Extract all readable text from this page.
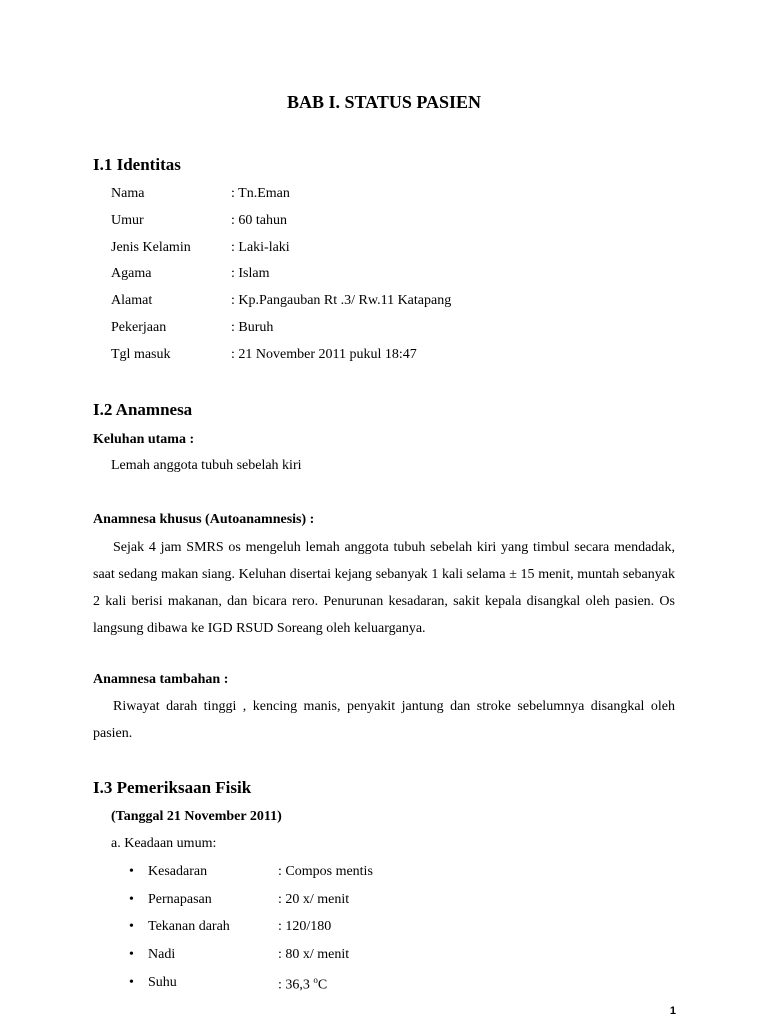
BAB I. STATUS PASIEN
I.1 Identitas
Nama	: Tn.Eman
Umur	: 60 tahun
Jenis Kelamin	: Laki-laki
Agama	: Islam
Alamat	: Kp.Pangauban Rt .3/ Rw.11 Katapang
Pekerjaan	: Buruh
Tgl masuk	: 21 November 2011 pukul 18:47
I.2 Anamnesa
Keluhan utama :
Lemah anggota tubuh sebelah kiri
Anamnesa khusus (Autoanamnesis) :
Sejak 4 jam SMRS os mengeluh lemah anggota tubuh sebelah kiri yang timbul secara mendadak, saat sedang makan siang. Keluhan disertai kejang sebanyak 1 kali selama ± 15 menit, muntah sebanyak 2 kali berisi makanan, dan bicara rero. Penurunan kesadaran, sakit kepala disangkal oleh pasien. Os langsung dibawa ke IGD RSUD Soreang oleh keluarganya.
Anamnesa tambahan :
Riwayat darah tinggi , kencing manis, penyakit jantung dan stroke sebelumnya disangkal oleh pasien.
I.3 Pemeriksaan Fisik
(Tanggal 21 November 2011)
a. Keadaan umum:
• Kesadaran	: Compos mentis
• Pernapasan	: 20 x/ menit
• Tekanan darah	: 120/180
• Nadi	: 80 x/ menit
• Suhu	: 36,3 $^o$C
1
